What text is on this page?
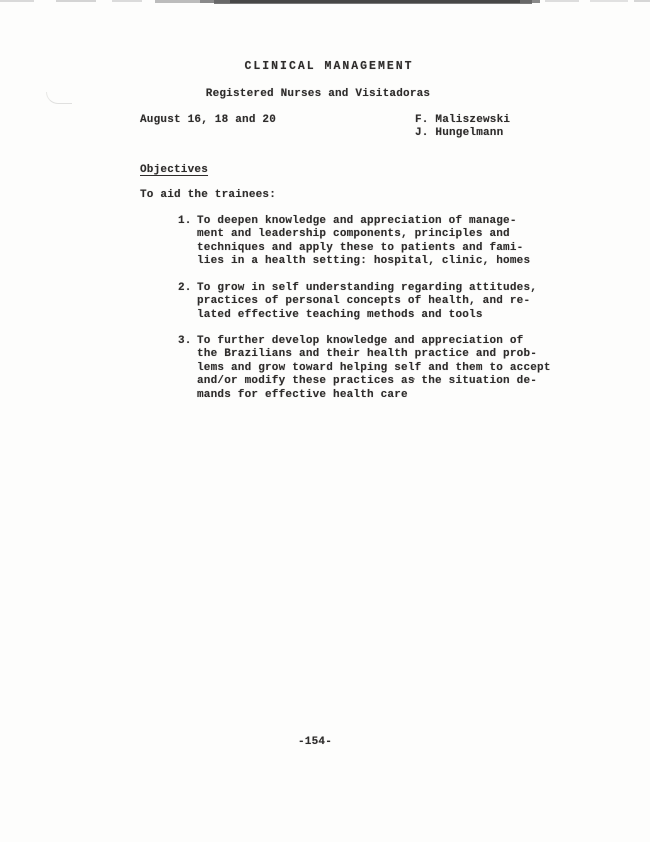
CLINICAL MANAGEMENT
Registered Nurses and Visitadoras
August 16, 18 and 20	F. Maliszewski
J. Hungelmann
Objectives
To aid the trainees:
1. To deepen knowledge and appreciation of manage-
ment and leadership components, principles and
techniques and apply these to patients and fami-
lies in a health setting: hospital, clinic, homes
2. To grow in self understanding regarding attitudes,
practices of personal concepts of health, and re-
lated effective teaching methods and tools
3. To further develop knowledge and appreciation of
the Brazilians and their health practice and prob-
lems and grow toward helping self and them to accept
and/or modify these practices as the situation de-
mands for effective health care
-154-
